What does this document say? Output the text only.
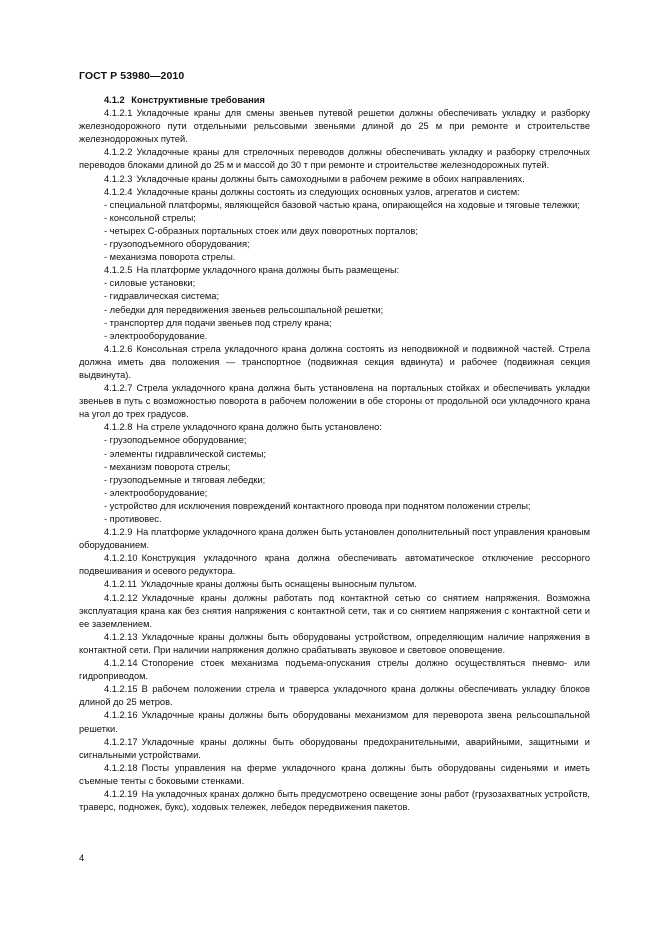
ГОСТ Р 53980—2010

4.1.2 Конструктивные требования

4.1.2.1 Укладочные краны для смены звеньев путевой решетки должны обеспечивать укладку и разборку железнодорожного пути отдельными рельсовыми звеньями длиной до 25 м при ремонте и строительстве железнодорожных путей.

4.1.2.2 Укладочные краны для стрелочных переводов должны обеспечивать укладку и разборку стрелочных переводов блоками длиной до 25 м и массой до 30 т при ремонте и строительстве железнодорожных путей.

4.1.2.3 Укладочные краны должны быть самоходными в рабочем режиме в обоих направлениях.

4.1.2.4 Укладочные краны должны состоять из следующих основных узлов, агрегатов и систем:

- специальной платформы, являющейся базовой частью крана, опирающейся на ходовые и тяговые тележки;

- консольной стрелы;

- четырех С-образных портальных стоек или двух поворотных порталов;

- грузоподъемного оборудования;

- механизма поворота стрелы.

4.1.2.5 На платформе укладочного крана должны быть размещены:

- силовые установки;

- гидравлическая система;

- лебедки для передвижения звеньев рельсошпальной решетки;

- транспортер для подачи звеньев под стрелу крана;

- электрооборудование.

4.1.2.6 Консольная стрела укладочного крана должна состоять из неподвижной и подвижной частей. Стрела должна иметь два положения — транспортное (подвижная секция вдвинута) и рабочее (подвижная секция выдвинута).

4.1.2.7 Стрела укладочного крана должна быть установлена на портальных стойках и обеспечивать укладки звеньев в путь с возможностью поворота в рабочем положении в обе стороны от продольной оси укладочного крана на угол до трех градусов.

4.1.2.8 На стреле укладочного крана должно быть установлено:

- грузоподъемное оборудование;

- элементы гидравлической системы;

- механизм поворота стрелы;

- грузоподъемные и тяговая лебедки;

- электрооборудование;

- устройство для исключения повреждений контактного провода при поднятом положении стрелы;

- противовес.

4.1.2.9 На платформе укладочного крана должен быть установлен дополнительный пост управления крановым оборудованием.

4.1.2.10 Конструкция укладочного крана должна обеспечивать автоматическое отключение рессорного подвешивания и осевого редуктора.

4.1.2.11 Укладочные краны должны быть оснащены выносным пультом.

4.1.2.12 Укладочные краны должны работать под контактной сетью со снятием напряжения. Возможна эксплуатация крана как без снятия напряжения с контактной сети, так и со снятием напряжения с контактной сети и ее заземлением.

4.1.2.13 Укладочные краны должны быть оборудованы устройством, определяющим наличие напряжения в контактной сети. При наличии напряжения должно срабатывать звуковое и световое оповещение.

4.1.2.14 Стопорение стоек механизма подъема-опускания стрелы должно осуществляться пневмо- или гидроприводом.

4.1.2.15 В рабочем положении стрела и траверса укладочного крана должны обеспечивать укладку блоков длиной до 25 метров.

4.1.2.16 Укладочные краны должны быть оборудованы механизмом для переворота звена рельсошпальной решетки.

4.1.2.17 Укладочные краны должны быть оборудованы предохранительными, аварийными, защитными и сигнальными устройствами.

4.1.2.18 Посты управления на ферме укладочного крана должны быть оборудованы сиденьями и иметь съемные тенты с боковыми стенками.

4.1.2.19 На укладочных кранах должно быть предусмотрено освещение зоны работ (грузозахватных устройств, траверс, подножек, букс), ходовых тележек, лебедок передвижения пакетов.

4
